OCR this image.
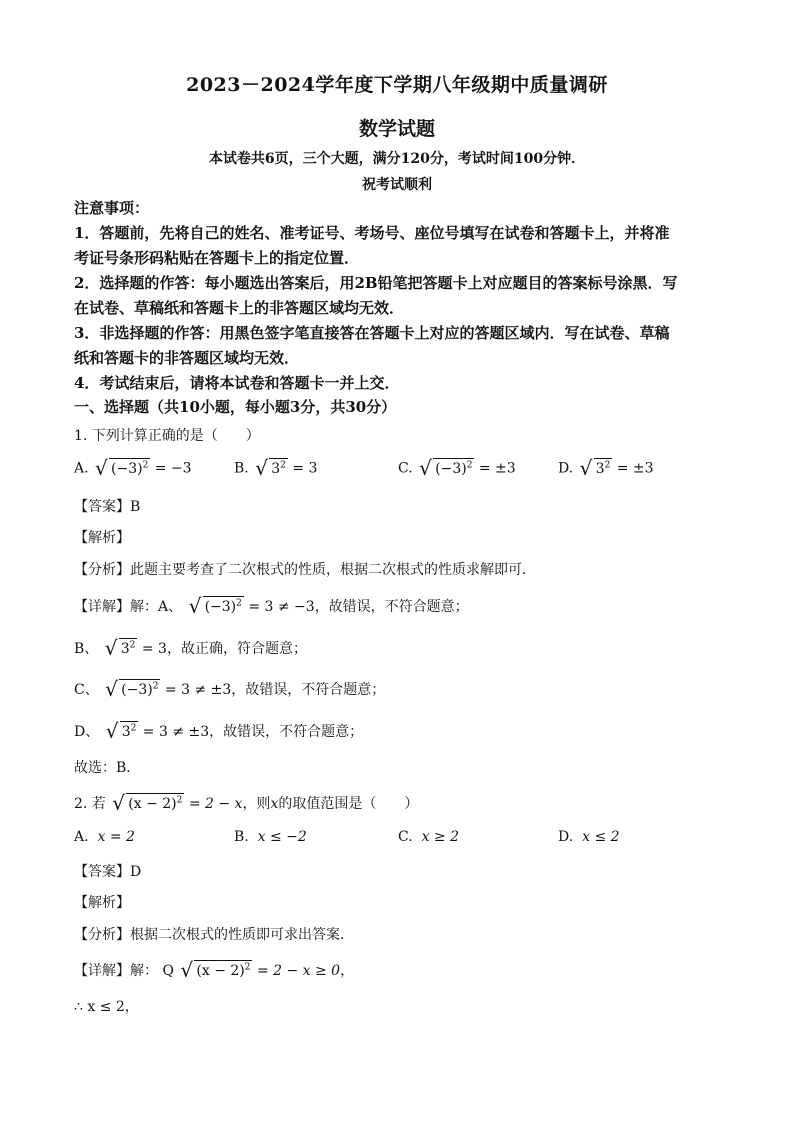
2023－2024学年度下学期八年级期中质量调研
数学试题
本试卷共6页，三个大题，满分120分，考试时间100分钟．
祝考试顺利
注意事项：
1．答题前，先将自己的姓名、准考证号、考场号、座位号填写在试卷和答题卡上，并将准
考证号条形码粘贴在答题卡上的指定位置．
2．选择题的作答：每小题选出答案后，用2B铅笔把答题卡上对应题目的答案标号涂黑．写
在试卷、草稿纸和答题卡上的非答题区域均无效．
3．非选择题的作答：用黑色签字笔直接答在答题卡上对应的答题区域内．写在试卷、草稿
纸和答题卡的非答题区域均无效．
4．考试结束后，请将本试卷和答题卡一并上交．
一、选择题（共10小题，每小题3分，共30分）
1. 下列计算正确的是（　　）
A. √ $(-3)^2 = -3$	B. √ $3^2 = 3$	C. √ $(-3)^2 = \pm 3$	D. √ $3^2 = \pm 3$
【答案】B
【解析】
【分析】此题主要考查了二次根式的性质，根据二次根式的性质求解即可．
【详解】解：A、 √ $(-3)^2 = 3 \ne -3$，故错误，不符合题意；
B、 √ $3^2 = 3$，故正确，符合题意；
C、 √ $(-3)^2 = 3 \ne \pm 3$，故错误，不符合题意；
D、 √ $3^2 = 3 \ne \pm 3$，故错误，不符合题意；
故选：B．
2. 若 √ $(x - 2)^2 = 2 - x$，则x的取值范围是（　　）
A. x = 2	B. x ≤ −2	C. x ≥ 2	D. x ≤ 2
【答案】D
【解析】
【分析】根据二次根式的性质即可求出答案．
【详解】解： Q √ $(x - 2)^2 = 2 - x \ge 0$，
∴ x ≤ 2，
